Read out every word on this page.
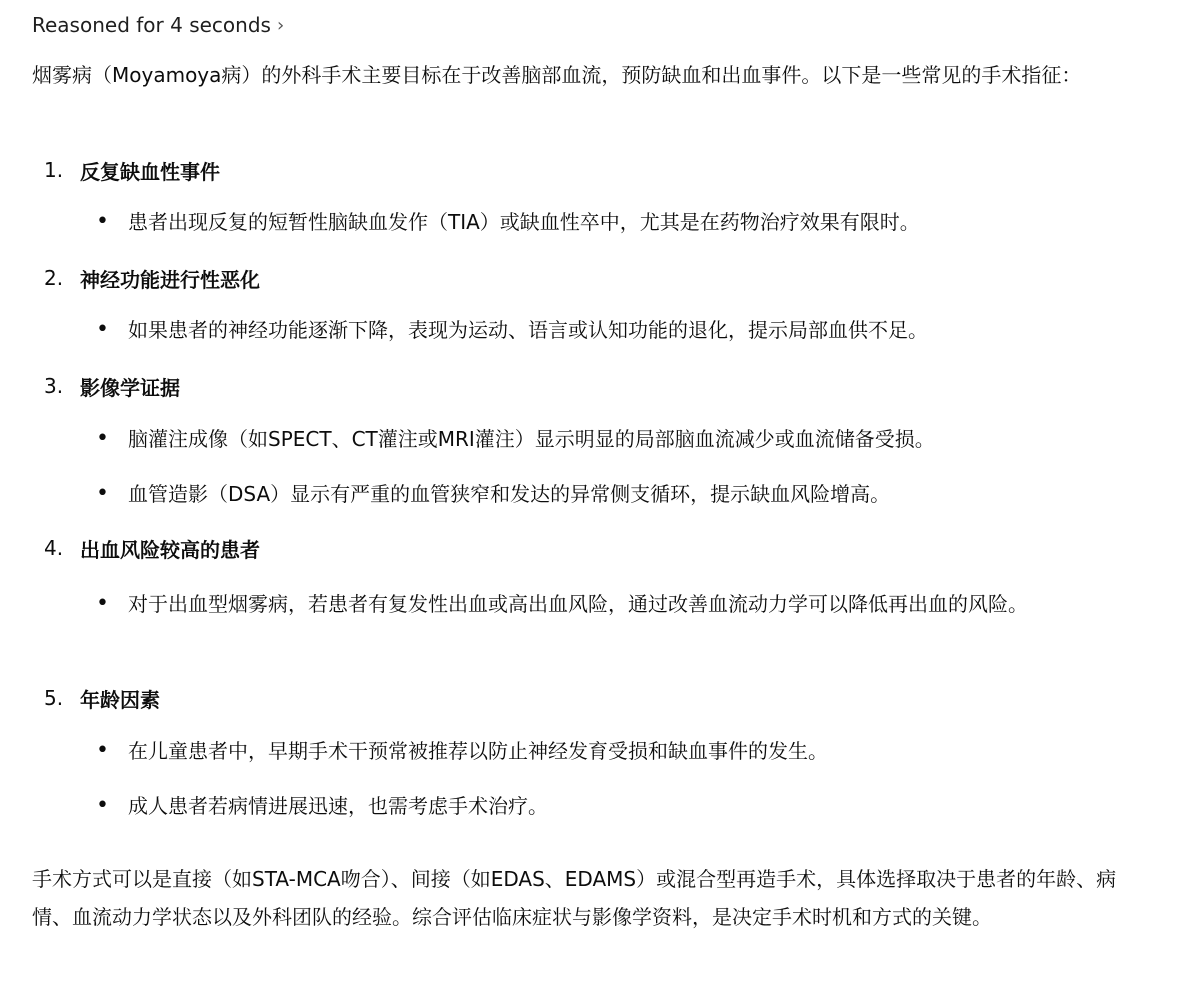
Reasoned for 4 seconds ›

烟雾病（Moyamoya病）的外科手术主要目标在于改善脑部血流，预防缺血和出血事件。以下是一些常见的手术指征：

1. 反复缺血性事件
• 患者出现反复的短暂性脑缺血发作（TIA）或缺血性卒中，尤其是在药物治疗效果有限时。
2. 神经功能进行性恶化
• 如果患者的神经功能逐渐下降，表现为运动、语言或认知功能的退化，提示局部血供不足。
3. 影像学证据
• 脑灌注成像（如SPECT、CT灌注或MRI灌注）显示明显的局部脑血流减少或血流储备受损。
• 血管造影（DSA）显示有严重的血管狭窄和发达的异常侧支循环，提示缺血风险增高。
4. 出血风险较高的患者
• 对于出血型烟雾病，若患者有复发性出血或高出血风险，通过改善血流动力学可以降低再出血的风险。
5. 年龄因素
• 在儿童患者中，早期手术干预常被推荐以防止神经发育受损和缺血事件的发生。
• 成人患者若病情进展迅速，也需考虑手术治疗。

手术方式可以是直接（如STA-MCA吻合）、间接（如EDAS、EDAMS）或混合型再造手术，具体选择取决于患者的年龄、病情、血流动力学状态以及外科团队的经验。综合评估临床症状与影像学资料，是决定手术时机和方式的关键。
